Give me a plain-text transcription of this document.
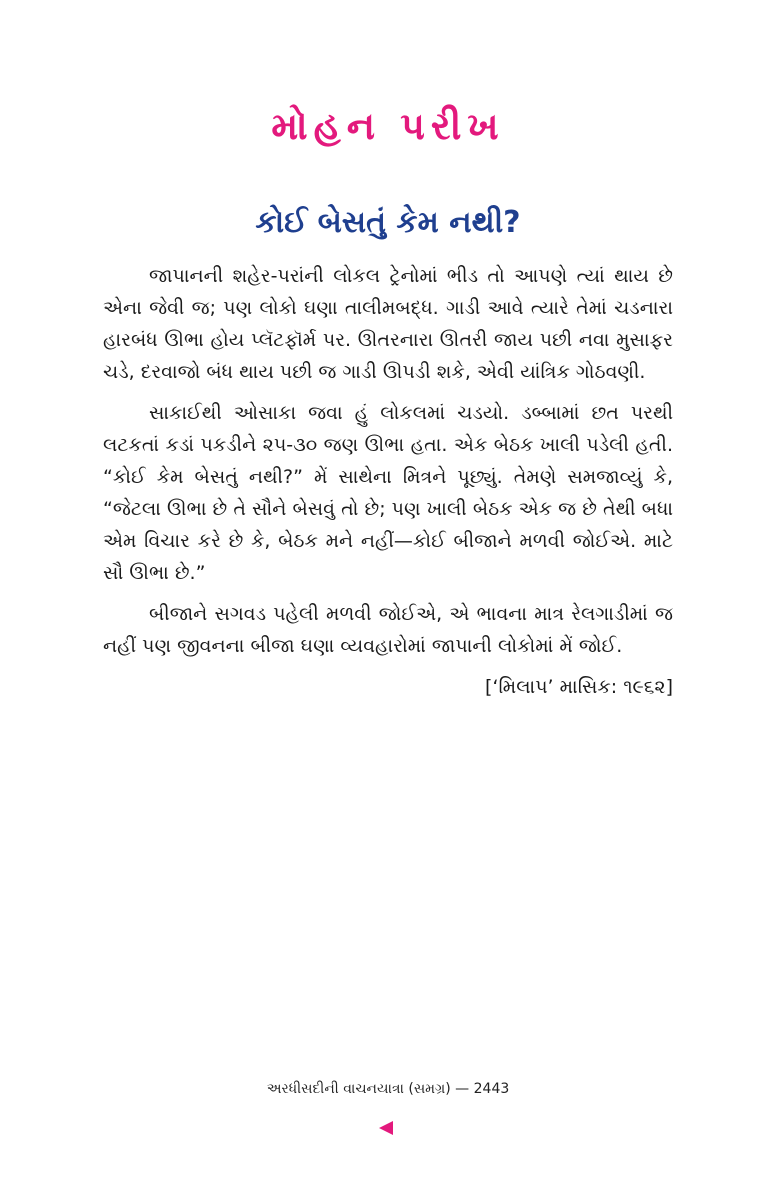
મોહન પરીખ
કોઈ બેસતું કેમ નથી?

જાપાનની શહેર-પરાંની લોકલ ટ્રેનોમાં ભીડ તો આપણે ત્યાં થાય છે એના જેવી જ; પણ લોકો ઘણા તાલીમબદ્ધ. ગાડી આવે ત્યારે તેમાં ચડનારા હારબંધ ઊભા હોય પ્લૅટફૉર્મ પર. ઊતરનારા ઊતરી જાય પછી નવા મુસાફર ચડે, દરવાજો બંધ થાય પછી જ ગાડી ઊપડી શકે, એવી યાંત્રિક ગોઠવણી.

સાકાઈથી ઓસાકા જવા હું લોકલમાં ચડયો. ડબ્બામાં છત પરથી લટકતાં કડાં પકડીને ૨૫-૩૦ જણ ઊભા હતા. એક બેઠક ખાલી પડેલી હતી. “કોઈ કેમ બેસતું નથી?” મેં સાથેના મિત્રને પૂછ્યું. તેમણે સમજાવ્યું કે, “જેટલા ઊભા છે તે સૌને બેસવું તો છે; પણ ખાલી બેઠક એક જ છે તેથી બધા એમ વિચાર કરે છે કે, બેઠક મને નહીં—કોઈ બીજાને મળવી જોઈએ. માટે સૌ ઊભા છે.”

બીજાને સગવડ પહેલી મળવી જોઈએ, એ ભાવના માત્ર રેલગાડીમાં જ નહીં પણ જીવનના બીજા ઘણા વ્યવહારોમાં જાપાની લોકોમાં મેં જોઈ.

[‘મિલાપ’ માસિક: ૧૯૬૨]

અરધીસદીની વાચનયાત્રા (સમગ્ર) — 2443
